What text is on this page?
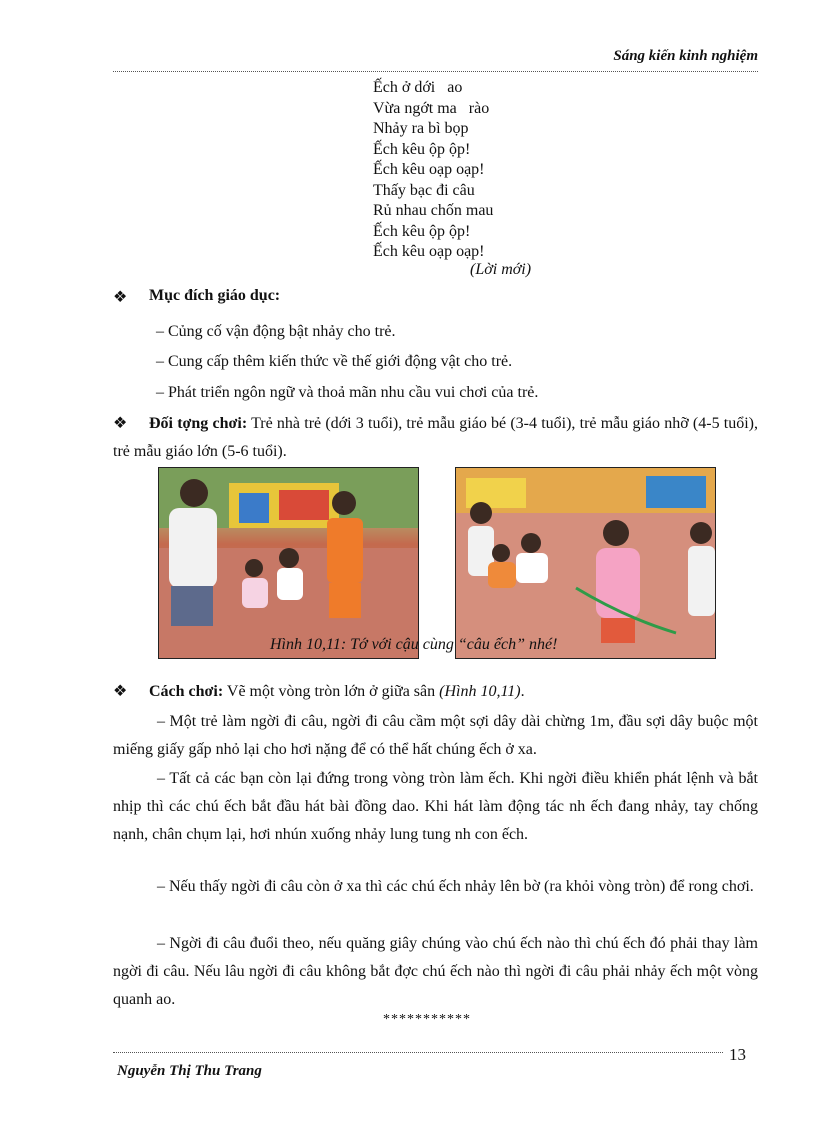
Sáng kiến kinh nghiệm
Ếch ở dới   ao
Vừa ngớt ma   rào
Nhảy ra bì bọp
Ếch kêu ộp ộp!
Ếch kêu oạp oạp!
Thấy bạc đi câu
Rủ nhau chốn mau
Ếch kêu ộp ộp!
Ếch kêu oạp oạp!
(Lời mới)
❖ Mục đích giáo dục:
– Củng cố vận động bật nhảy cho trẻ.
– Cung cấp thêm kiến thức về thế giới động vật cho trẻ.
– Phát triển ngôn ngữ và thoả mãn nhu cầu vui chơi của trẻ.
❖ Đối tợng chơi: Trẻ nhà trẻ (dới 3 tuổi), trẻ mẫu giáo bé (3-4 tuổi), trẻ mẫu giáo nhỡ (4-5 tuổi), trẻ mẫu giáo lớn (5-6 tuổi).
Hình 10,11: Tớ với cậu cùng “câu ếch” nhé!
❖ Cách chơi: Vẽ một vòng tròn lớn ở giữa sân (Hình 10,11).
– Một trẻ làm ngời đi câu, ngời đi câu cầm một sợi dây dài chừng 1m, đầu sợi dây buộc một miếng giấy gấp nhỏ lại cho hơi nặng để có thể hất chúng ếch ở xa.
– Tất cả các bạn còn lại đứng trong vòng tròn làm ếch. Khi ngời điều khiển phát lệnh và bắt nhịp thì các chú ếch bắt đầu hát bài đồng dao. Khi hát làm động tác nh ếch đang nhảy, tay chống nạnh, chân chụm lại, hơi nhún xuống nhảy lung tung nh con ếch.
– Nếu thấy ngời đi câu còn ở xa thì các chú ếch nhảy lên bờ (ra khỏi vòng tròn) để rong chơi.
– Ngời đi câu đuổi theo, nếu quăng giây chúng vào chú ếch nào thì chú ếch đó phải thay làm ngời đi câu. Nếu lâu ngời đi câu không bắt đợc chú ếch nào thì ngời đi câu phải nhảy ếch một vòng quanh ao.
***********
13
Nguyễn Thị Thu Trang
